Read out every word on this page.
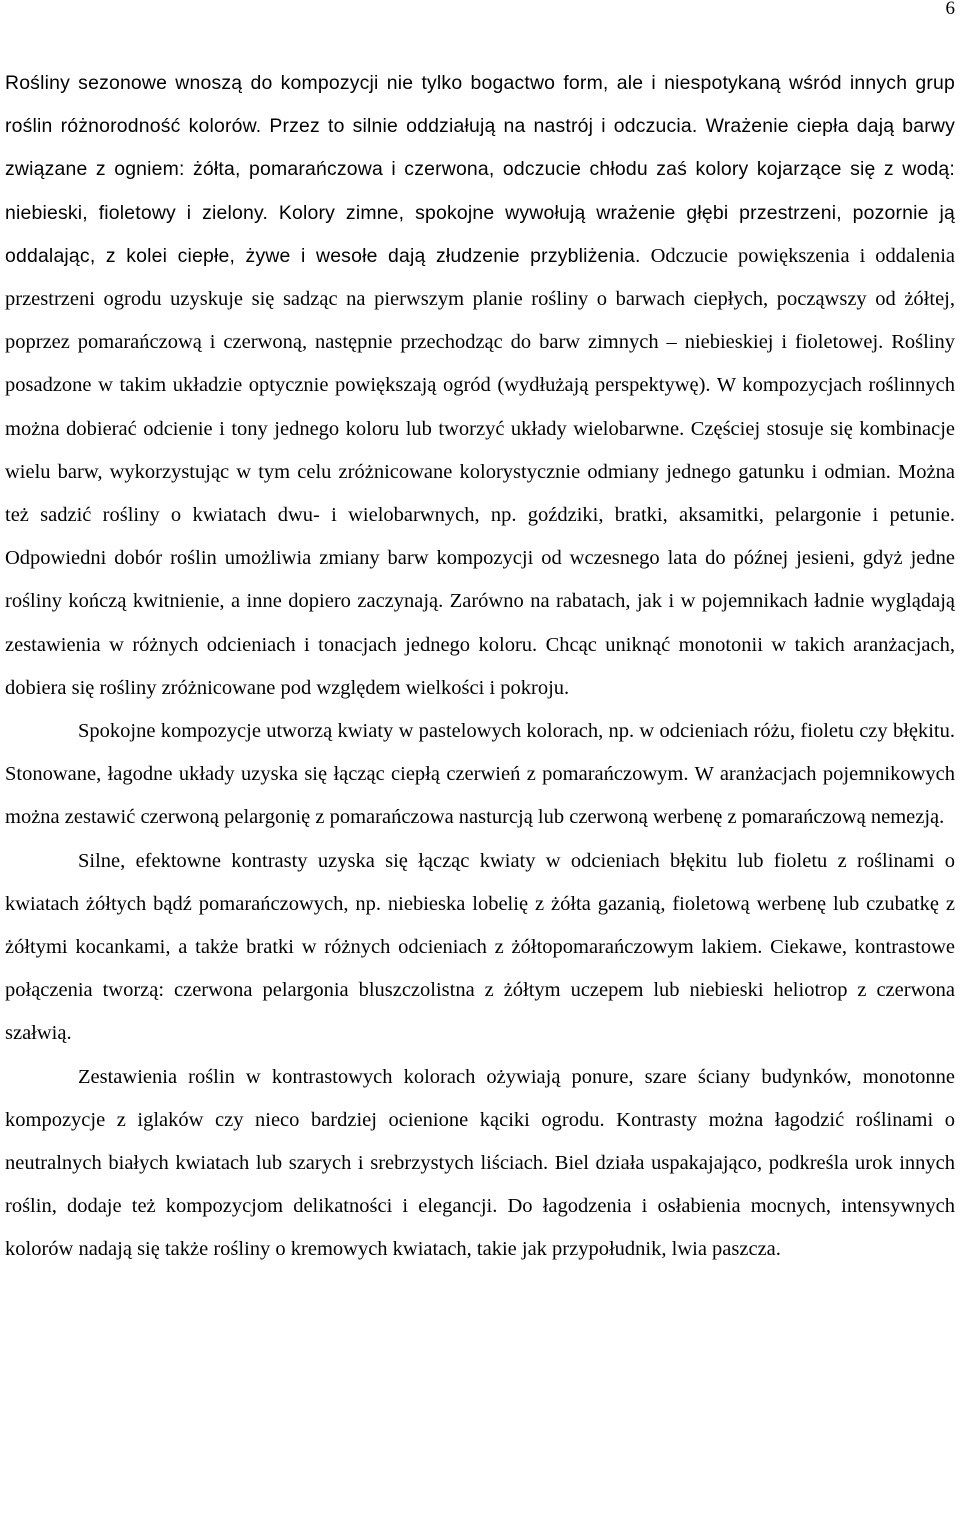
6

Rośliny sezonowe wnoszą do kompozycji nie tylko bogactwo form, ale i niespotykaną wśród innych grup roślin różnorodność kolorów. Przez to silnie oddziałują na nastrój i odczucia. Wrażenie ciepła dają barwy związane z ogniem: żółta, pomarańczowa i czerwona, odczucie chłodu zaś kolory kojarzące się z wodą: niebieski, fioletowy i zielony. Kolory zimne, spokojne wywołują wrażenie głębi przestrzeni, pozornie ją oddalając, z kolei ciepłe, żywe i wesołe dają złudzenie przybliżenia. Odczucie powiększenia i oddalenia przestrzeni ogrodu uzyskuje się sadząc na pierwszym planie rośliny o barwach ciepłych, począwszy od żółtej, poprzez pomarańczową i czerwoną, następnie przechodząc do barw zimnych – niebieskiej i fioletowej. Rośliny posadzone w takim układzie optycznie powiększają ogród (wydłużają perspektywę). W kompozycjach roślinnych można dobierać odcienie i tony jednego koloru lub tworzyć układy wielobarwne. Częściej stosuje się kombinacje wielu barw, wykorzystując w tym celu zróżnicowane kolorystycznie odmiany jednego gatunku i odmian. Można też sadzić rośliny o kwiatach dwu- i wielobarwnych, np. goździki, bratki, aksamitki, pelargonie i petunie. Odpowiedni dobór roślin umożliwia zmiany barw kompozycji od wczesnego lata do późnej jesieni, gdyż jedne rośliny kończą kwitnienie, a inne dopiero zaczynają. Zarówno na rabatach, jak i w pojemnikach ładnie wyglądają zestawienia w różnych odcieniach i tonacjach jednego koloru. Chcąc uniknąć monotonii w takich aranżacjach, dobiera się rośliny zróżnicowane pod względem wielkości i pokroju.

Spokojne kompozycje utworzą kwiaty w pastelowych kolorach, np. w odcieniach różu, fioletu czy błękitu. Stonowane, łagodne układy uzyska się łącząc ciepłą czerwień z pomarańczowym. W aranżacjach pojemnikowych można zestawić czerwoną pelargonię z pomarańczowa nasturcją lub czerwoną werbenę z pomarańczową nemezją.

Silne, efektowne kontrasty uzyska się łącząc kwiaty w odcieniach błękitu lub fioletu z roślinami o kwiatach żółtych bądź pomarańczowych, np. niebieska lobelię z żółta gazanią, fioletową werbenę lub czubatkę z żółtymi kocankami, a także bratki w różnych odcieniach z żółtopomarańczowym lakiem. Ciekawe, kontrastowe połączenia tworzą: czerwona pelargonia bluszczolistna z żółtym uczepem lub niebieski heliotrop z czerwona szałwią.

Zestawienia roślin w kontrastowych kolorach ożywiają ponure, szare ściany budynków, monotonne kompozycje z iglaków czy nieco bardziej ocienione kąciki ogrodu. Kontrasty można łagodzić roślinami o neutralnych białych kwiatach lub szarych i srebrzystych liściach. Biel działa uspakajająco, podkreśla urok innych roślin, dodaje też kompozycjom delikatności i elegancji. Do łagodzenia i osłabienia mocnych, intensywnych kolorów nadają się także rośliny o kremowych kwiatach, takie jak przypołudnik, lwia paszcza.
